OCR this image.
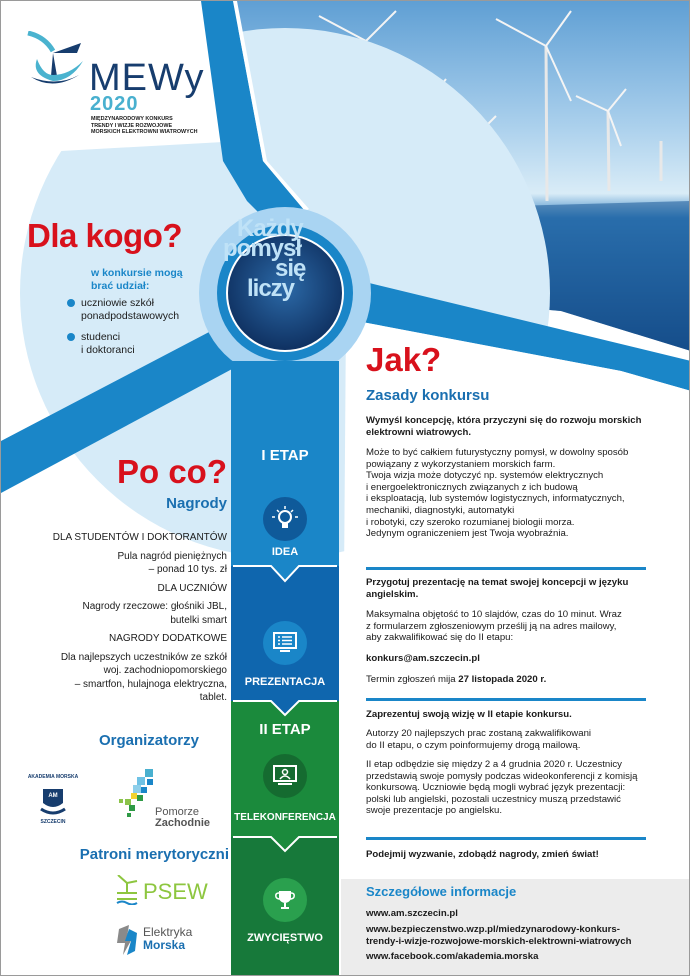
MEWy
2020
MIĘDZYNARODOWY KONKURS
TRENDY I WIZJE ROZWOJOWE
MORSKICH ELEKTROWNI WIATROWYCH
Dla kogo?
w konkursie mogą
brać udział:
uczniowie szkół
ponadpodstawowych
studenci
i doktoranci
Każdy
pomysł
się
liczy
Po co?
Nagrody
DLA STUDENTÓW I DOKTORANTÓW
Pula nagród pieniężnych
– ponad 10 tys. zł
DLA UCZNIÓW
Nagrody rzeczowe: głośniki JBL,
butelki smart
NAGRODY DODATKOWE
Dla najlepszych uczestników ze szkół
woj. zachodniopomorskiego
– smartfon, hulajnoga elektryczna,
tablet.
I ETAP
IDEA
PREZENTACJA
II ETAP
TELEKONFERENCJA
ZWYCIĘSTWO
Jak?
Zasady konkursu
Wymyśl koncepcję, która przyczyni się do rozwoju morskich
elektrowni wiatrowych.
Może to być całkiem futurystyczny pomysł, w dowolny sposób
powiązany z wykorzystaniem morskich farm.
Twoja wizja może dotyczyć np. systemów elektrycznych
i energoelektronicznych związanych z ich budową
i eksploatacją, lub systemów logistycznych, informatycznych,
mechaniki, diagnostyki, automatyki
i robotyki, czy szeroko rozumianej biologii morza.
Jedynym ograniczeniem jest Twoja wyobraźnia.
Przygotuj prezentację na temat swojej koncepcji w języku
angielskim.
Maksymalna objętość to 10 slajdów, czas do 10 minut. Wraz
z formularzem zgłoszeniowym prześlij ją na adres mailowy,
aby zakwalifikować się do II etapu:
konkurs@am.szczecin.pl
Termin zgłoszeń mija 27 listopada 2020 r.
Zaprezentuj swoją wizję w II etapie konkursu.
Autorzy 20 najlepszych prac zostaną zakwalifikowani
do II etapu, o czym poinformujemy drogą mailową.
II etap odbędzie się między 2 a 4 grudnia 2020 r. Uczestnicy
przedstawią swoje pomysły podczas wideokonferencji z komisją
konkursową. Uczniowie będą mogli wybrać język prezentacji:
polski lub angielski, pozostali uczestnicy muszą przedstawić
swoje prezentacje po angielsku.
Podejmij wyzwanie, zdobądź nagrody, zmień świat!
Szczegółowe informacje
www.am.szczecin.pl
www.bezpieczenstwo.wzp.pl/miedzynarodowy-konkurs-
trendy-i-wizje-rozwojowe-morskich-elektrowni-wiatrowych
www.facebook.com/akademia.morska
Organizatorzy
AM
AKADEMIA MORSKA
SZCZECIN
Pomorze
Zachodnie
Patroni merytoryczni
PSEW
Elektryka
Morska
